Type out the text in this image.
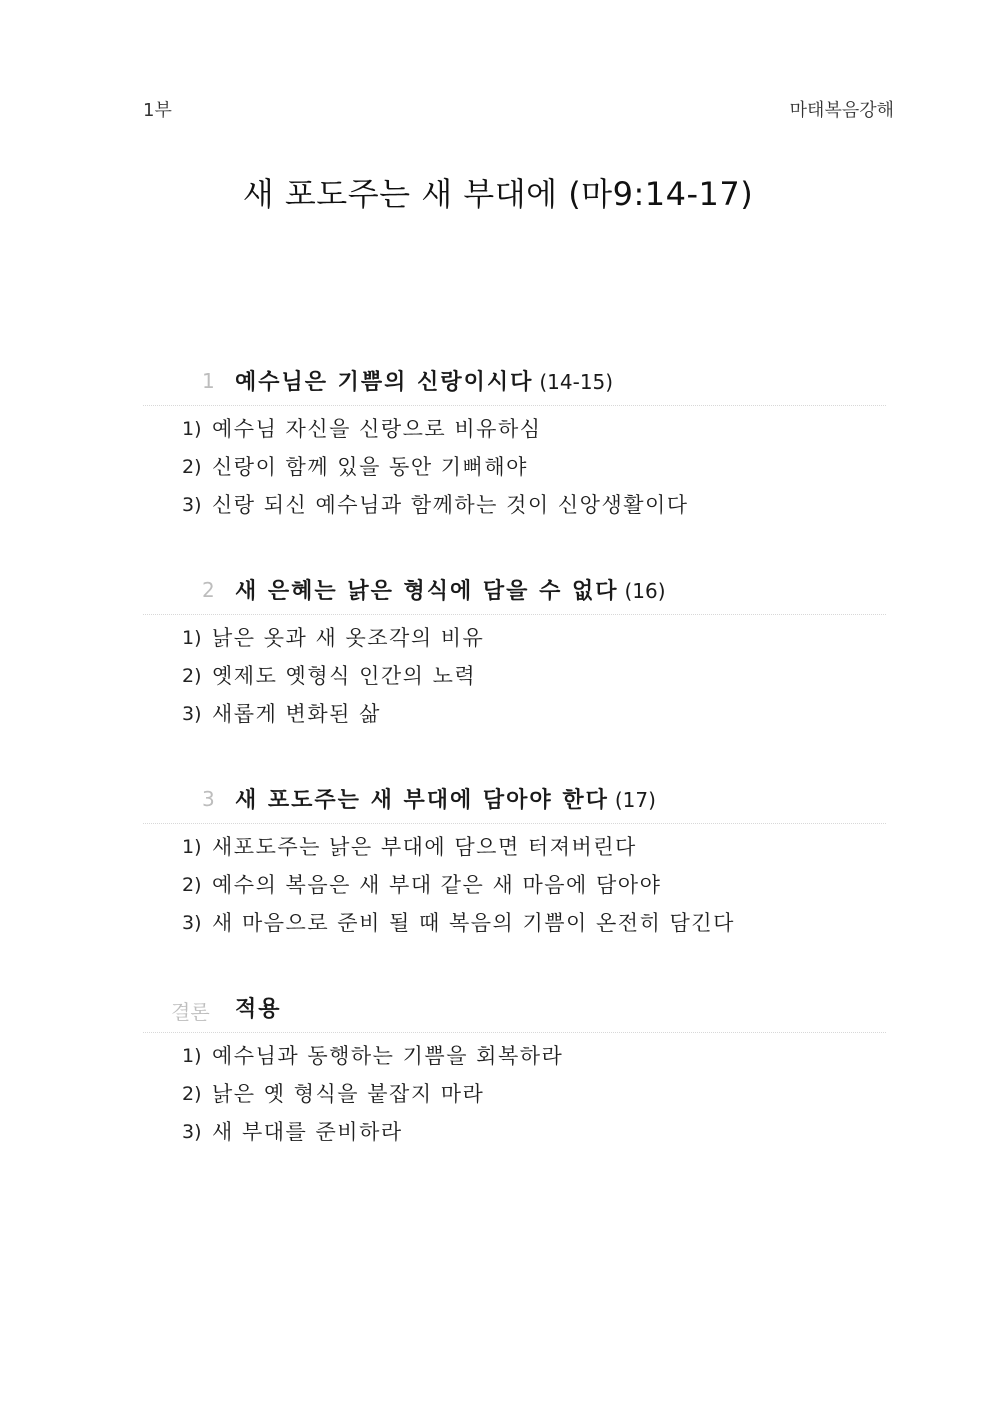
1부	마태복음강해
새 포도주는 새 부대에 (마9:14-17)
1 예수님은 기쁨의 신랑이시다 (14-15)
1) 예수님 자신을 신랑으로 비유하심
2) 신랑이 함께 있을 동안 기뻐해야
3) 신랑 되신 예수님과 함께하는 것이 신앙생활이다
2 새 은혜는 낡은 형식에 담을 수 없다 (16)
1) 낡은 옷과 새 옷조각의 비유
2) 옛제도 옛형식 인간의 노력
3) 새롭게 변화된 삶
3 새 포도주는 새 부대에 담아야 한다 (17)
1) 새포도주는 낡은 부대에 담으면 터져버린다
2) 예수의 복음은 새 부대 같은 새 마음에 담아야
3) 새 마음으로 준비 될 때 복음의 기쁨이 온전히 담긴다
결론 적용
1) 예수님과 동행하는 기쁨을 회복하라
2) 낡은 옛 형식을 붙잡지 마라
3) 새 부대를 준비하라
